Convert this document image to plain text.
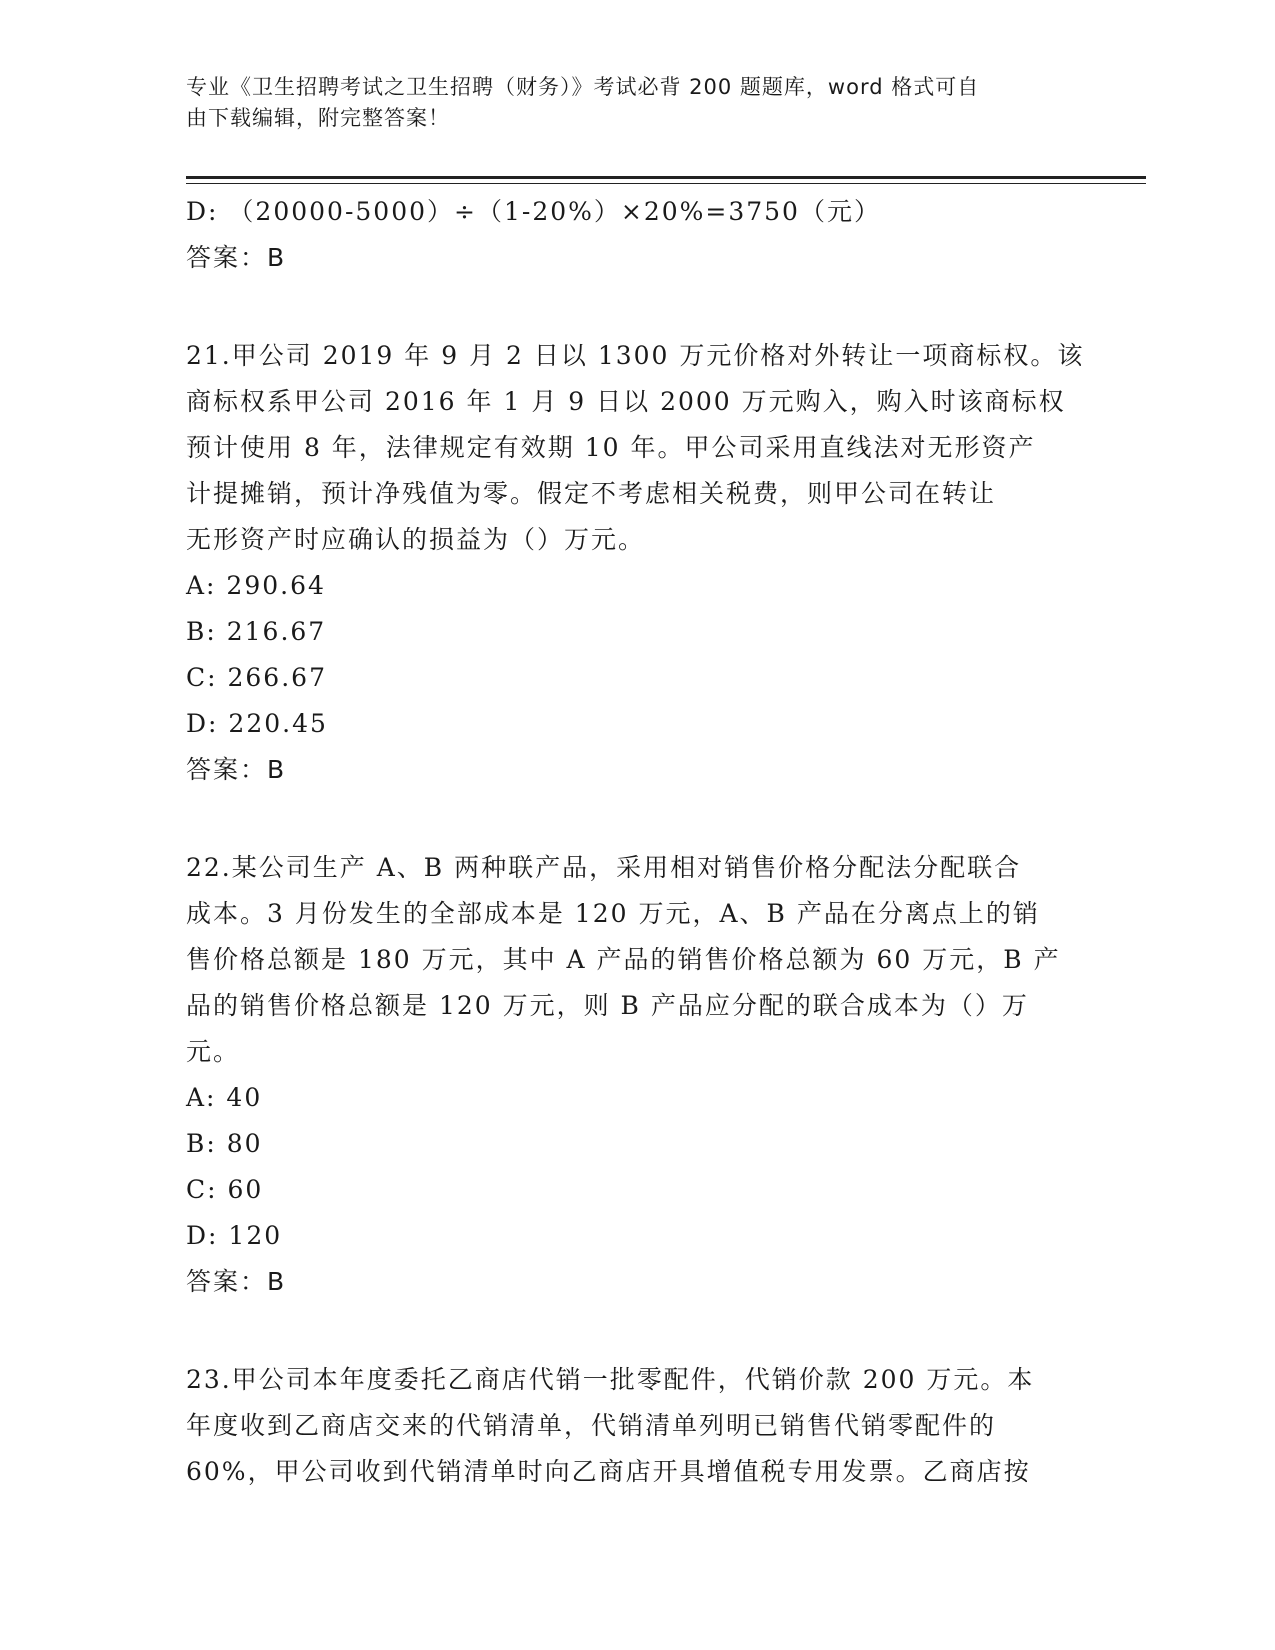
专业《卫生招聘考试之卫生招聘（财务）》考试必背 200 题题库，word 格式可自
由下载编辑，附完整答案！
D: （20000-5000）÷（1-20%）×20%=3750（元）
答案：B
21.甲公司 2019 年 9 月 2 日以 1300 万元价格对外转让一项商标权。该
商标权系甲公司 2016 年 1 月 9 日以 2000 万元购入，购入时该商标权
预计使用 8 年，法律规定有效期 10 年。甲公司采用直线法对无形资产
计提摊销，预计净残值为零。假定不考虑相关税费，则甲公司在转让
无形资产时应确认的损益为（）万元。
A: 290.64
B: 216.67
C: 266.67
D: 220.45
答案：B
22.某公司生产 A、B 两种联产品，采用相对销售价格分配法分配联合
成本。3 月份发生的全部成本是 120 万元，A、B 产品在分离点上的销
售价格总额是 180 万元，其中 A 产品的销售价格总额为 60 万元，B 产
品的销售价格总额是 120 万元，则 B 产品应分配的联合成本为（）万
元。
A: 40
B: 80
C: 60
D: 120
答案：B
23.甲公司本年度委托乙商店代销一批零配件，代销价款 200 万元。本
年度收到乙商店交来的代销清单，代销清单列明已销售代销零配件的
60%，甲公司收到代销清单时向乙商店开具增值税专用发票。乙商店按
